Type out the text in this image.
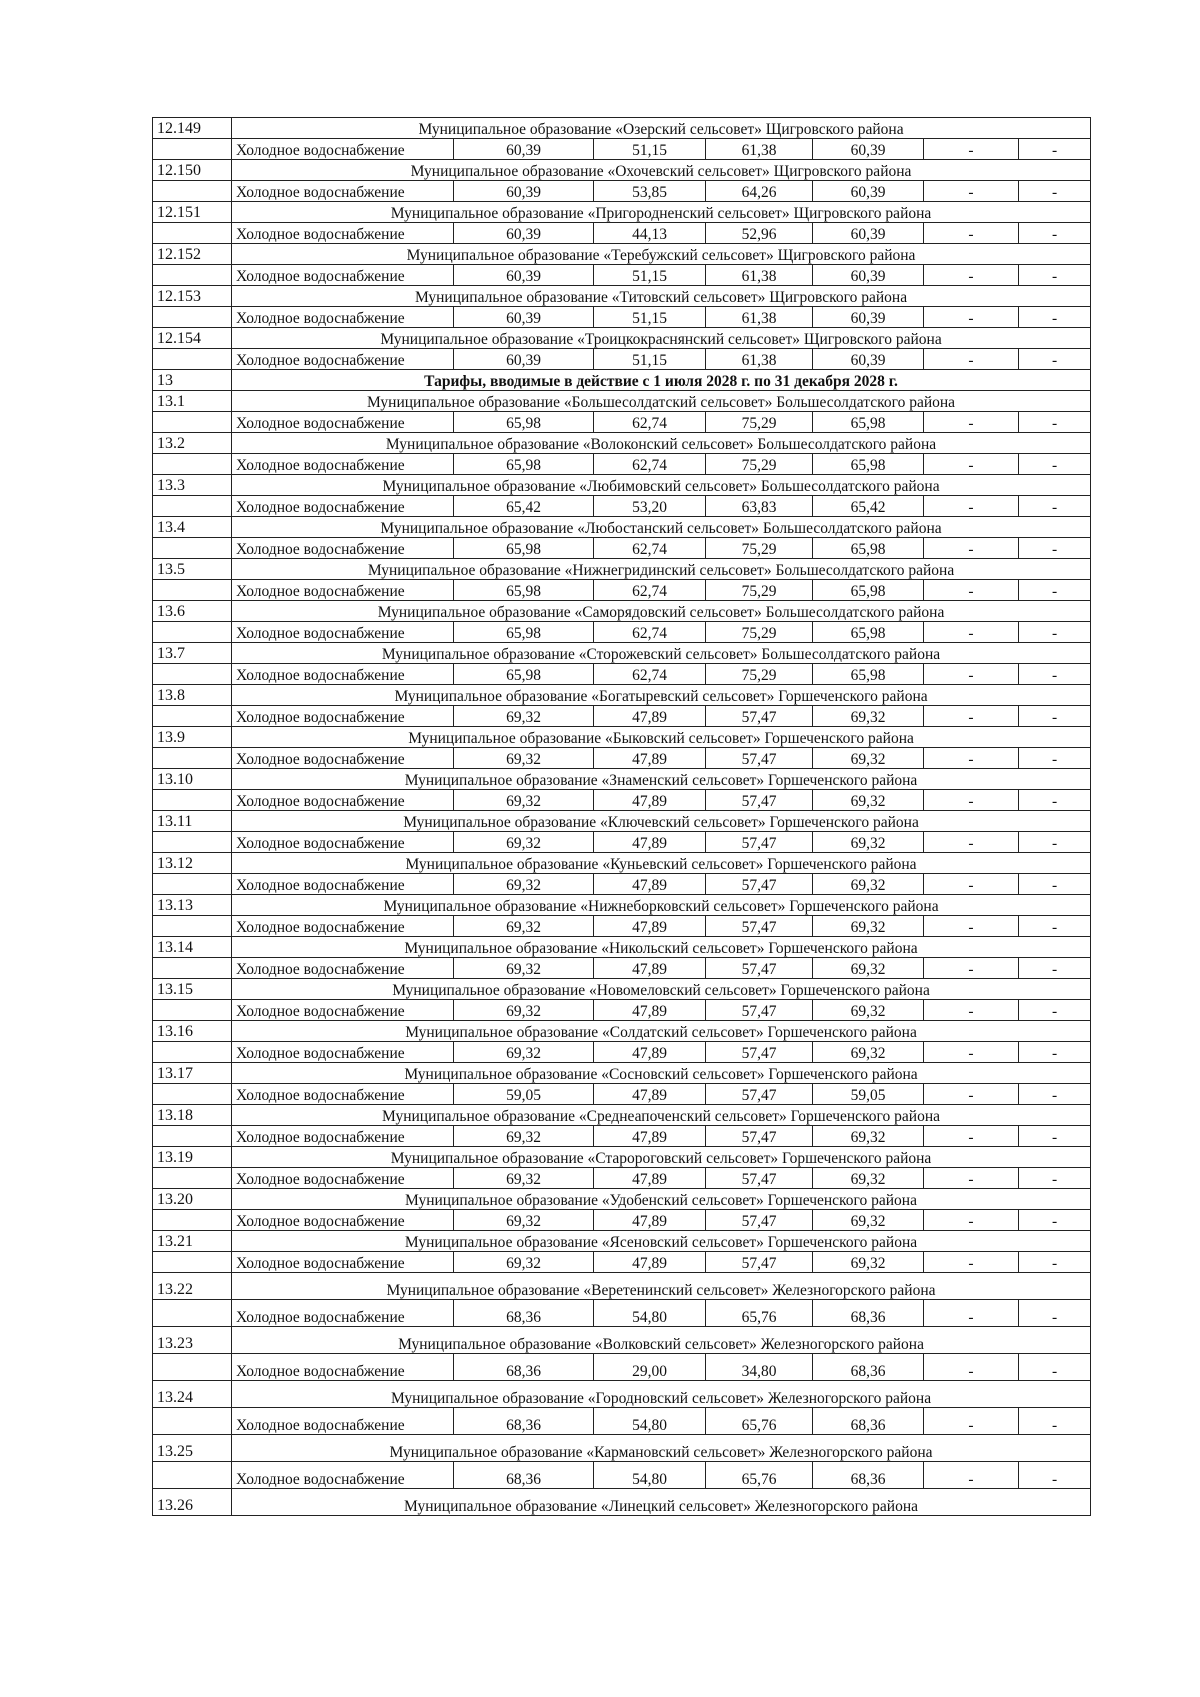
12.149	Муниципальное образование «Озерский сельсовет» Щигровского района						
	Холодное водоснабжение	60,39	51,15	61,38	60,39	-	-
12.150	Муниципальное образование «Охочевский сельсовет» Щигровского района						
	Холодное водоснабжение	60,39	53,85	64,26	60,39	-	-
12.151	Муниципальное образование «Пригородненский сельсовет» Щигровского района						
	Холодное водоснабжение	60,39	44,13	52,96	60,39	-	-
12.152	Муниципальное образование «Теребужский сельсовет» Щигровского района						
	Холодное водоснабжение	60,39	51,15	61,38	60,39	-	-
12.153	Муниципальное образование «Титовский сельсовет» Щигровского района						
	Холодное водоснабжение	60,39	51,15	61,38	60,39	-	-
12.154	Муниципальное образование «Троицкокраснянский сельсовет» Щигровского района						
	Холодное водоснабжение	60,39	51,15	61,38	60,39	-	-
13	Тарифы, вводимые в действие с 1 июля 2028 г. по 31 декабря 2028 г.						
13.1	Муниципальное образование «Большесолдатский сельсовет» Большесолдатского района						
	Холодное водоснабжение	65,98	62,74	75,29	65,98	-	-
13.2	Муниципальное образование «Волоконский сельсовет» Большесолдатского района						
	Холодное водоснабжение	65,98	62,74	75,29	65,98	-	-
13.3	Муниципальное образование «Любимовский сельсовет» Большесолдатского района						
	Холодное водоснабжение	65,42	53,20	63,83	65,42	-	-
13.4	Муниципальное образование «Любостанский сельсовет» Большесолдатского района						
	Холодное водоснабжение	65,98	62,74	75,29	65,98	-	-
13.5	Муниципальное образование «Нижнегридинский сельсовет» Большесолдатского района						
	Холодное водоснабжение	65,98	62,74	75,29	65,98	-	-
13.6	Муниципальное образование «Саморядовский сельсовет» Большесолдатского района						
	Холодное водоснабжение	65,98	62,74	75,29	65,98	-	-
13.7	Муниципальное образование «Сторожевский сельсовет» Большесолдатского района						
	Холодное водоснабжение	65,98	62,74	75,29	65,98	-	-
13.8	Муниципальное образование «Богатыревский сельсовет» Горшеченского района						
	Холодное водоснабжение	69,32	47,89	57,47	69,32	-	-
13.9	Муниципальное образование «Быковский сельсовет» Горшеченского района						
	Холодное водоснабжение	69,32	47,89	57,47	69,32	-	-
13.10	Муниципальное образование «Знаменский сельсовет» Горшеченского района						
	Холодное водоснабжение	69,32	47,89	57,47	69,32	-	-
13.11	Муниципальное образование «Ключевский сельсовет» Горшеченского района						
	Холодное водоснабжение	69,32	47,89	57,47	69,32	-	-
13.12	Муниципальное образование «Куньевский сельсовет» Горшеченского района						
	Холодное водоснабжение	69,32	47,89	57,47	69,32	-	-
13.13	Муниципальное образование «Нижнеборковский сельсовет» Горшеченского района						
	Холодное водоснабжение	69,32	47,89	57,47	69,32	-	-
13.14	Муниципальное образование «Никольский сельсовет» Горшеченского района						
	Холодное водоснабжение	69,32	47,89	57,47	69,32	-	-
13.15	Муниципальное образование «Новомеловский сельсовет» Горшеченского района						
	Холодное водоснабжение	69,32	47,89	57,47	69,32	-	-
13.16	Муниципальное образование «Солдатский сельсовет» Горшеченского района						
	Холодное водоснабжение	69,32	47,89	57,47	69,32	-	-
13.17	Муниципальное образование «Сосновский сельсовет» Горшеченского района						
	Холодное водоснабжение	59,05	47,89	57,47	59,05	-	-
13.18	Муниципальное образование «Среднеапоченский сельсовет» Горшеченского района						
	Холодное водоснабжение	69,32	47,89	57,47	69,32	-	-
13.19	Муниципальное образование «Старороговский сельсовет» Горшеченского района						
	Холодное водоснабжение	69,32	47,89	57,47	69,32	-	-
13.20	Муниципальное образование «Удобенский сельсовет» Горшеченского района						
	Холодное водоснабжение	69,32	47,89	57,47	69,32	-	-
13.21	Муниципальное образование «Ясеновский сельсовет» Горшеченского района						
	Холодное водоснабжение	69,32	47,89	57,47	69,32	-	-
13.22	Муниципальное образование «Веретенинский сельсовет» Железногорского района						
	Холодное водоснабжение	68,36	54,80	65,76	68,36	-	-
13.23	Муниципальное образование «Волковский сельсовет» Железногорского района						
	Холодное водоснабжение	68,36	29,00	34,80	68,36	-	-
13.24	Муниципальное образование «Городновский сельсовет» Железногорского района						
	Холодное водоснабжение	68,36	54,80	65,76	68,36	-	-
13.25	Муниципальное образование «Кармановский сельсовет» Железногорского района						
	Холодное водоснабжение	68,36	54,80	65,76	68,36	-	-
13.26	Муниципальное образование «Линецкий сельсовет» Железногорского района						
